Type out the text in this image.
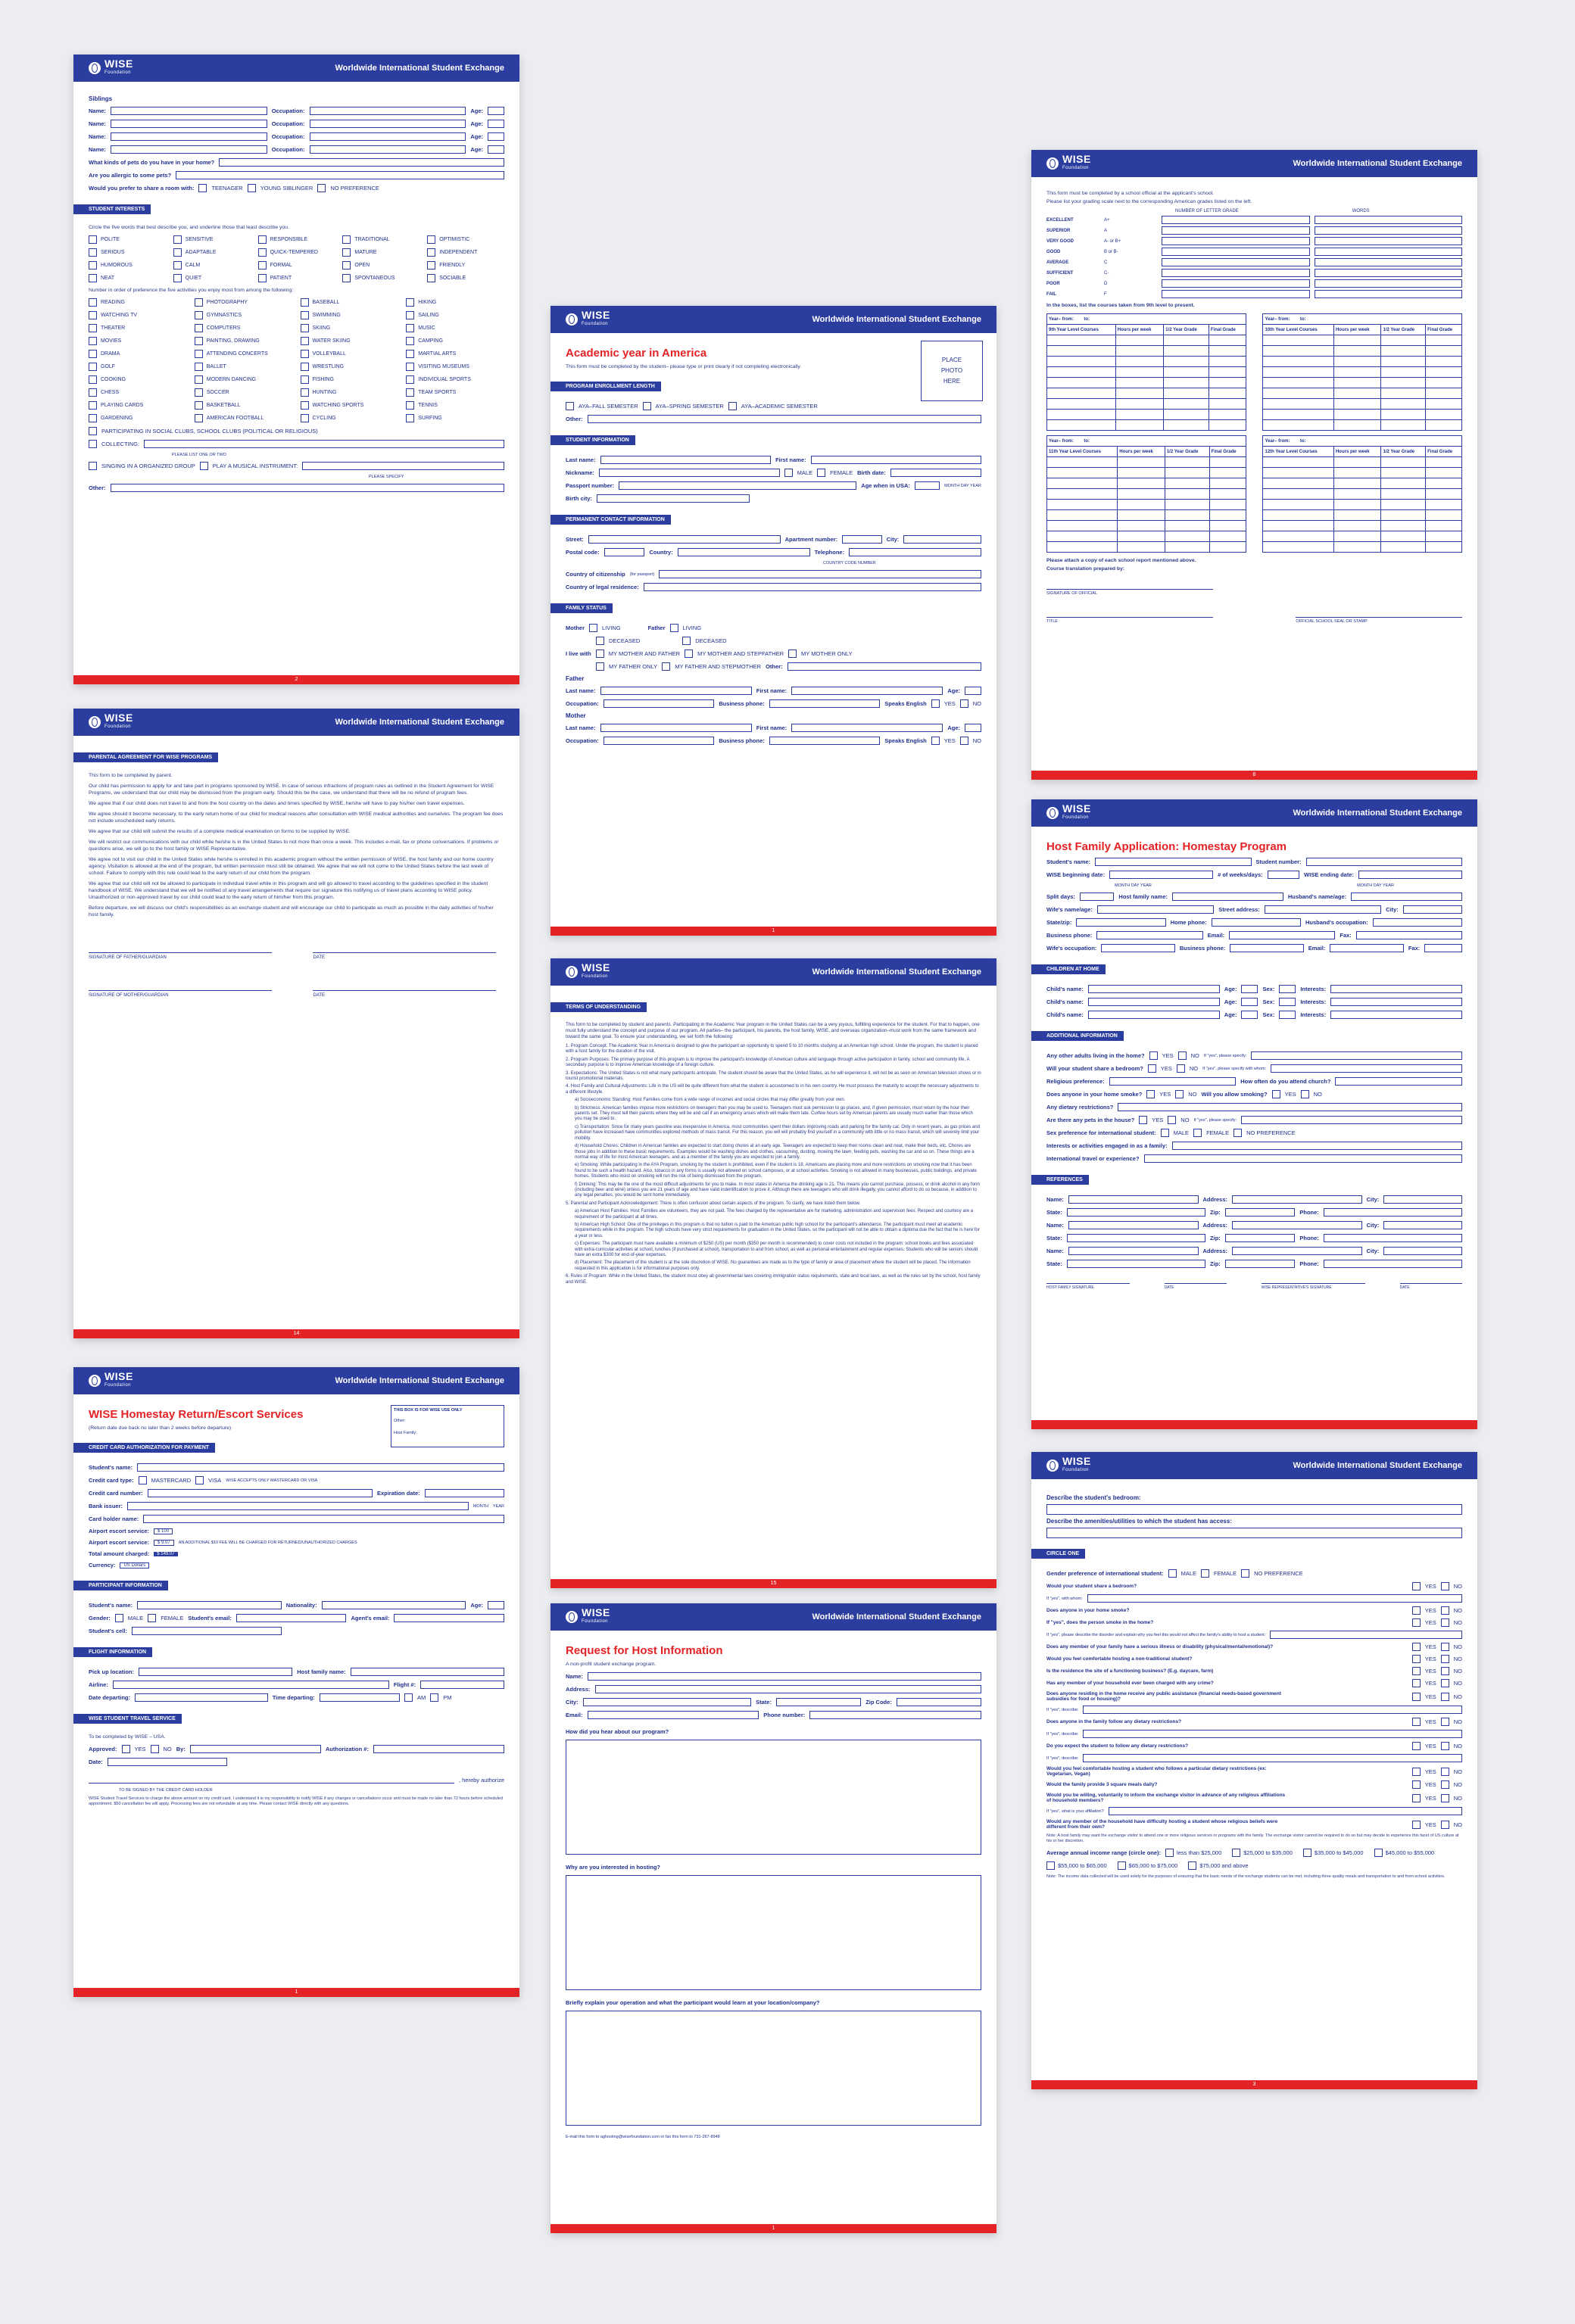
WISE
Foundation	Worldwide International Student Exchange
Siblings
Name:	Occupation:	Age:
Name:	Occupation:	Age:
Name:	Occupation:	Age:
Name:	Occupation:	Age:
What kinds of pets do you have in your home?
Are you allergic to some pets?
Would you prefer to share a room with:	TEENAGER	YOUNG SIBLINGER	NO PREFERENCE
STUDENT INTERESTS
Circle the five words that best describe you, and underline those that least describe you.
POLITE	SENSITIVE	RESPONSIBLE	TRADITIONAL	OPTIMISTIC
SERIOUS	ADAPTABLE	QUICK-TEMPERED	MATURE	INDEPENDENT
HUMOROUS	CALM	FORMAL	OPEN	FRIENDLY
NEAT	QUIET	PATIENT	SPONTANEOUS	SOCIABLE
Number in order of preference the five activities you enjoy most from among the following:
READING	PHOTOGRAPHY	BASEBALL	HIKING
WATCHING TV	GYMNASTICS	SWIMMING	SAILING
THEATER	COMPUTERS	SKIING	MUSIC
MOVIES	PAINTING, DRAWING	WATER SKIING	CAMPING
DRAMA	ATTENDING CONCERTS	VOLLEYBALL	MARTIAL ARTS
GOLF	BALLET	WRESTLING	VISITING MUSEUMS
COOKING	MODERN DANCING	FISHING	INDIVIDUAL SPORTS
CHESS	SOCCER	HUNTING	TEAM SPORTS
PLAYING CARDS	BASKETBALL	WATCHING SPORTS	TENNIS
GARDENING	AMERICAN FOOTBALL	CYCLING	SURFING
PARTICIPATING IN SOCIAL CLUBS, SCHOOL CLUBS (POLITICAL OR RELIGIOUS)
COLLECTING:
PLEASE LIST ONE OR TWO
SINGING IN A ORGANIZED GROUP	PLAY A MUSICAL INSTRUMENT:
PLEASE SPECIFY
Other:
2
WISE
Foundation	Worldwide International Student Exchange
PARENTAL AGREEMENT FOR WISE PROGRAMS
This form to be completed by parent.
Our child has permission to apply for and take part in programs sponsored by WISE. In case of serious infractions of program rules as outlined in the Student Agreement for WISE Programs, we understand that our child may be dismissed from the program early. Should this be the case, we understand that there will be no refund of program fees.
We agree that if our child does not travel to and from the host country on the dates and times specified by WISE, he/she will have to pay his/her own travel expenses.
We agree should it become necessary, to the early return home of our child for medical reasons after consultation with WISE medical authorities and ourselves. The program fee does not include unscheduled early returns.
We agree that our child will submit the results of a complete medical examination on forms to be supplied by WISE.
We will restrict our communications with our child while he/she is in the United States to not more than once a week. This includes e-mail, fax or phone conversations. If problems or questions arise, we will go to the host family or WISE Representative.
We agree not to visit our child in the United States while he/she is enrolled in this academic program without the written permission of WISE, the host family and our home country agency. Visitation is allowed at the end of the program, but written permission must still be obtained. We agree that we will not come to the United States before the last week of school. Failure to comply with this rule could lead to the early return of our child from the program.
We agree that our child will not be allowed to participate in individual travel while in this program and will go allowed to travel according to the guidelines specified in the student handbook of WISE. We understand that we will be notified of any travel arrangements that require our signature this notifying us of travel plans according to WISE policy. Unauthorized or non-approved travel by our child could lead to the early return of him/her from this program.
Before departure, we will discuss our child's responsibilities as an exchange student and will encourage our child to participate as much as possible in the daily activities of his/her host family.
SIGNATURE OF FATHER/GUARDIAN	DATE
SIGNATURE OF MOTHER/GUARDIAN	DATE
14
WISE
Foundation	Worldwide International Student Exchange
THIS BOX IS FOR WISE USE ONLY
Other:
Host Family:
WISE Homestay Return/Escort Services
(Return date due back no later than 2 weeks before departure)
CREDIT CARD AUTHORIZATION FOR PAYMENT
Student's name:
Credit card type:	MASTERCARD	VISA WISE ACCEPTS ONLY MASTERCARD OR VISA
Credit card number:	Expiration date:
Bank issuer:	MONTH YEAR
Card holder name:
Airport escort service:	$ 100
Airport escort service:	$ 9.07	AN ADDITIONAL $10 FEE WILL BE CHARGED FOR RETURNED/UNAUTHORIZED CHARGES
Total amount charged:	$ 149.07
Currency:	US Dollars
PARTICIPANT INFORMATION
Student's name:	Nationality:	Age:
Gender:	MALE	FEMALE Student's email:	Agent's email:
Student's cell:
FLIGHT INFORMATION
Pick up location:	Host family name:
Airline:	Flight #:
Date departing:	Time departing:	AM	PM
WISE STUDENT TRAVEL SERVICE
To be completed by WISE – USA.
Approved:	YES	NO By:	Authorization #:
Date:
, hereby authorize
TO BE SIGNED BY THE CREDIT CARD HOLDER
WISE Student Travel Services to charge the above amount on my credit card. I understand it is my responsibility to notify WISE if any changes or cancellations occur and must be made no later than 72 hours before scheduled appointment. $50 cancellation fee will apply. Processing fees are not refundable at any time. Please contact WISE directly with any questions.
1
WISE
Foundation	Worldwide International Student Exchange
PLACE
PHOTO
HERE
Academic year in America
This form must be completed by the student– please type or print clearly if not completing electronically.
PROGRAM ENROLLMENT LENGTH
AYA–FALL SEMESTER	AYA–SPRING SEMESTER	AYA–ACADEMIC SEMESTER
Other:
STUDENT INFORMATION
Last name:	First name:
Nickname:	MALE	FEMALE Birth date:
Passport number:	Age when in USA:	MONTH DAY YEAR
Birth city:
PERMANENT CONTACT INFORMATION
Street:	Apartment number:	City:
Postal code:	Country:	Telephone:
COUNTRY CODE NUMBER
Country of citizenship (for passport)
Country of legal residence:
FAMILY STATUS
Mother	LIVING	Father	LIVING
DECEASED	DECEASED
I live with	MY MOTHER AND FATHER	MY MOTHER AND STEPFATHER	MY MOTHER ONLY
MY FATHER ONLY	MY FATHER AND STEPMOTHER Other:
Father
Last name:	First name:	Age:
Occupation:	Business phone:	Speaks English	YES	NO
Mother
Last name:	First name:	Age:
Occupation:	Business phone:	Speaks English	YES	NO
1
WISE
Foundation	Worldwide International Student Exchange
TERMS OF UNDERSTANDING
This form to be completed by student and parents. Participating in the Academic Year program in the United States can be a very joyous, fulfilling experience for the student. For that to happen, one must fully understand the concept and purpose of our program. All parties– the participant, his parents, the host family, WISE, and overseas organization–must work from the same framework and toward the same goal. To ensure your understanding, we set forth the following:
1. Program Concept: The Academic Year in America is designed to give the participant an opportunity to spend 5 to 10 months studying at an American high school. Under the program, the student is placed with a host family for the duration of the visit.
2. Program Purposes: The primary purpose of this program is to improve the participant's knowledge of American culture and language through active participation in family, school and community life. A secondary purpose is to improve American knowledge of a foreign culture.
3. Expectations: The United States is not what many participants anticipate. The student should be aware that the United States, as he will experience it, will not be as seen on American television shows or in tourist promotional materials.
4. Host Family and Cultural Adjustments: Life in the US will be quite different from what the student is accustomed to in his own country. He must possess the maturity to accept the necessary adjustments to a different lifestyle.
a) Socioeconomic Standing: Host Families come from a wide range of incomes and social circles that may differ greatly from your own.
b) Strictness: American families impose more restrictions on teenagers than you may be used to. Teenagers must ask permission to go places, and, if given permission, must return by the hour their parents set. They must tell their parents where they will be and call if an emergency arises which will make them late. Curfew hours set by American parents are usually much earlier than those which you may be used to.
c) Transportation: Since for many years gasoline was inexpensive in America, most communities spent their dollars improving roads and parking for the family car. Only in recent years, as gas prices and pollution have increased have communities explored methods of mass transit. For this reason, you will will probably find yourself in a community with little or no mass transit, which will severely limit your mobility.
d) Household Chores: Children in American families are expected to start doing chores at an early age. Teenagers are expected to keep their rooms clean and neat, make their beds, etc. Chores are those jobs in addition to these basic requirements. Examples would be washing dishes and clothes, vacuuming, dusting, mowing the lawn, feeding pets, washing the car and so on. These things are a normal way of life for most American teenagers, and as a member of the family you are expected to join a family.
e) Smoking: While participating in the AYA Program, smoking by the student is prohibited, even if the student is 18. Americans are placing more and more restrictions on smoking now that it has been found to be such a health hazard. Also, tobacco in any forms is usually not allowed on school campuses, or at school activities. Smoking is not allowed in many businesses, public buildings, and private homes. Students who insist on smoking will run the risk of being dismissed from the program.
f) Drinking: This may be the one of the most difficult adjustments for you to make. In most states in America the drinking age is 21. This means you cannot purchase, possess, or drink alcohol in any form (including beer and wine) unless you are 21 years of age and have valid indentification to prove it. Although there are teenagers who will drink illegally, you cannot afford to do so because, in addition to any legal penalties, you would be sent home immediately.
5. Parental and Participant Acknowledgement: There is often confusion about certain aspects of the program. To clarify, we have listed them below.
a) American Host Families: Host Families are volunteers, they are not paid. The fees charged by the representative are for marketing, administration and supervision fees. Respect and courtesy are a requirement of the participant at all times.
b) American High School: One of the privileges in this program is that no tuition is paid to the American public high school for the participant's attendance. The participant must meet all academic requirements while in the program. The high schools have very strict requirements for graduation in the United States, so the participant will not be able to obtain a diploma due the fact that he is here for a year or less.
c) Expenses: The participant must have available a minimum of $250 (US) per month ($350 per month is recommended) to cover costs not included in the program: school books and fees associated with extra-curricular activities at school, lunches (if purchased at school), transportation to and from school, as well as personal entertainment and regular expenses. Students who will be seniors should have an extra $300 for end-of-year expenses.
d) Placement: The placement of the student is at the sole discretion of WISE. No guarantees are made as to the type of family or area of placement where the student will be placed. The information requested in this application is for informational purposes only.
6. Rules of Program: While in the United States, the student must obey all governmental laws covering immigration status requirements, state and local laws, as well as the rules set by the school, host family and WISE.
15
WISE
Foundation	Worldwide International Student Exchange
Request for Host Information
A non-profit student exchange program.
Name:
Address:
City:	State:	Zip Code:
Email:	Phone number:
How did you hear about our program?
Why are you interested in hosting?
Briefly explain your operation and what the participant would learn at your location/company?
E-mail this form to aghosting@wisefoundation.com or fax this form to 731-267-8948
1
WISE
Foundation	Worldwide International Student Exchange
This form must be completed by a school official at the applicant's school.
Please list your grading scale next to the corresponding American grades listed on the left.
NUMBER OF LETTER GRADE	WORDS
EXCELLENT	A+
SUPERIOR	A
VERY GOOD	A- or B+
GOOD	B or B-
AVERAGE	C
SUFFICIENT	C-
POOR	D
FAIL	F
In the boxes, list the courses taken from 9th level to present.
Year– from: to:			
9th Year Level Courses	Hours per week	1/2 Year Grade	Final Grade

Year– from: to:			
10th Year Level Courses	Hours per week	1/2 Year Grade	Final Grade

Year– from: to:			
11th Year Level Courses	Hours per week	1/2 Year Grade	Final Grade

Year– from: to:			
12th Year Level Courses	Hours per week	1/2 Year Grade	Final Grade

Please attach a copy of each school report mentioned above.
Course translation prepared by:
SIGNATURE OF OFFICIAL
TITLE	OFFICIAL SCHOOL SEAL OR STAMP
8
WISE
Foundation	Worldwide International Student Exchange
Host Family Application: Homestay Program
Student's name:	Student number:
WISE beginning date:	# of weeks/days:	WISE ending date:
MONTH DAY YEAR	MONTH DAY YEAR
Split days:	Host family name:	Husband's name/age:
Wife's name/age:	Street address:	City:
State/zip:	Home phone:	Husband's occupation:
Business phone:	Email:	Fax:
Wife's occupation:	Business phone:	Email:	Fax:
CHILDREN AT HOME
Child's name:	Age:	Sex:	Interests:
Child's name:	Age:	Sex:	Interests:
Child's name:	Age:	Sex:	Interests:
ADDITIONAL INFORMATION
Any other adults living in the home?	YES	NO If "yes", please specify:
Will your student share a bedroom?	YES	NO If "yes", please specify with whom:
Religious preference:	How often do you attend church?
Does anyone in your home smoke?	YES	NO Will you allow smoking?	YES	NO
Any dietary restrictions?
Are there any pets in the house?	YES	NO If "yes", please specify:
Sex preference for international student:	MALE	FEMALE	NO PREFERENCE
Interests or activities engaged in as a family:
International travel or experience?
REFERENCES
Name:	Address:	City:
State:	Zip:	Phone:
Name:	Address:	City:
State:	Zip:	Phone:
Name:	Address:	City:
State:	Zip:	Phone:
HOST FAMILY SIGNATURE	DATE	WISE REPRESENTATIVE'S SIGNATURE	DATE
WISE
Foundation	Worldwide International Student Exchange
Describe the student's bedroom:
Describe the amenities/utilities to which the student has access:
CIRCLE ONE
Gender preference of international student:	MALE	FEMALE	NO PREFERENCE
Would your student share a bedroom?	YES	NO
If "yes", with whom:
Does anyone in your home smoke?	YES	NO
If "yes", does the person smoke in the home?	YES	NO
If "yes", please describe the disorder and explain why you feel this would not affect the family's ability to host a student:
Does any member of your family have a serious illness or disability (physical/mental/emotional)?	YES	NO
Would you feel comfortable hosting a non-traditional student?	YES	NO
Is the residence the site of a functioning business? (E.g. daycare, farm)	YES	NO
Has any member of your household ever been charged with any crime?	YES	NO
Does anyone residing in the home receive any public assistance (financial needs-based government subsidies for food or housing)?	YES	NO
If "yes", describe:
Does anyone in the family follow any dietary restrictions?	YES	NO
If "yes", describe:
Do you expect the student to follow any dietary restrictions?	YES	NO
If "yes", describe:
Would you feel comfortable hosting a student who follows a particular dietary restrictions (ex: Vegetarian, Vegan)	YES	NO
Would the family provide 3 square meals daily?	YES	NO
Would you be willing, voluntarily to inform the exchange visitor in advance of any religious affiliations of household members?	YES	NO
If "yes", what is your affiliation?
Would any member of the household have difficulty hosting a student whose religious beliefs were different from their own?	YES	NO
Note: A host family may want the exchange visitor to attend one or more religious services or programs with the family. The exchange visitor cannot be required to do so but may decide to experience this facet of US culture at his or her discretion.
Average annual income range (circle one):	less than $25,000	$25,000 to $35,000	$35,000 to $45,000	$45,000 to $55,000
$55,000 to $65,000	$65,000 to $75,000	$75,000 and above
Note: The income data collected will be used solely for the purposes of ensuring that the basic needs of the exchange students can be met, including three quality meals and transportation to and from school activities.
3
